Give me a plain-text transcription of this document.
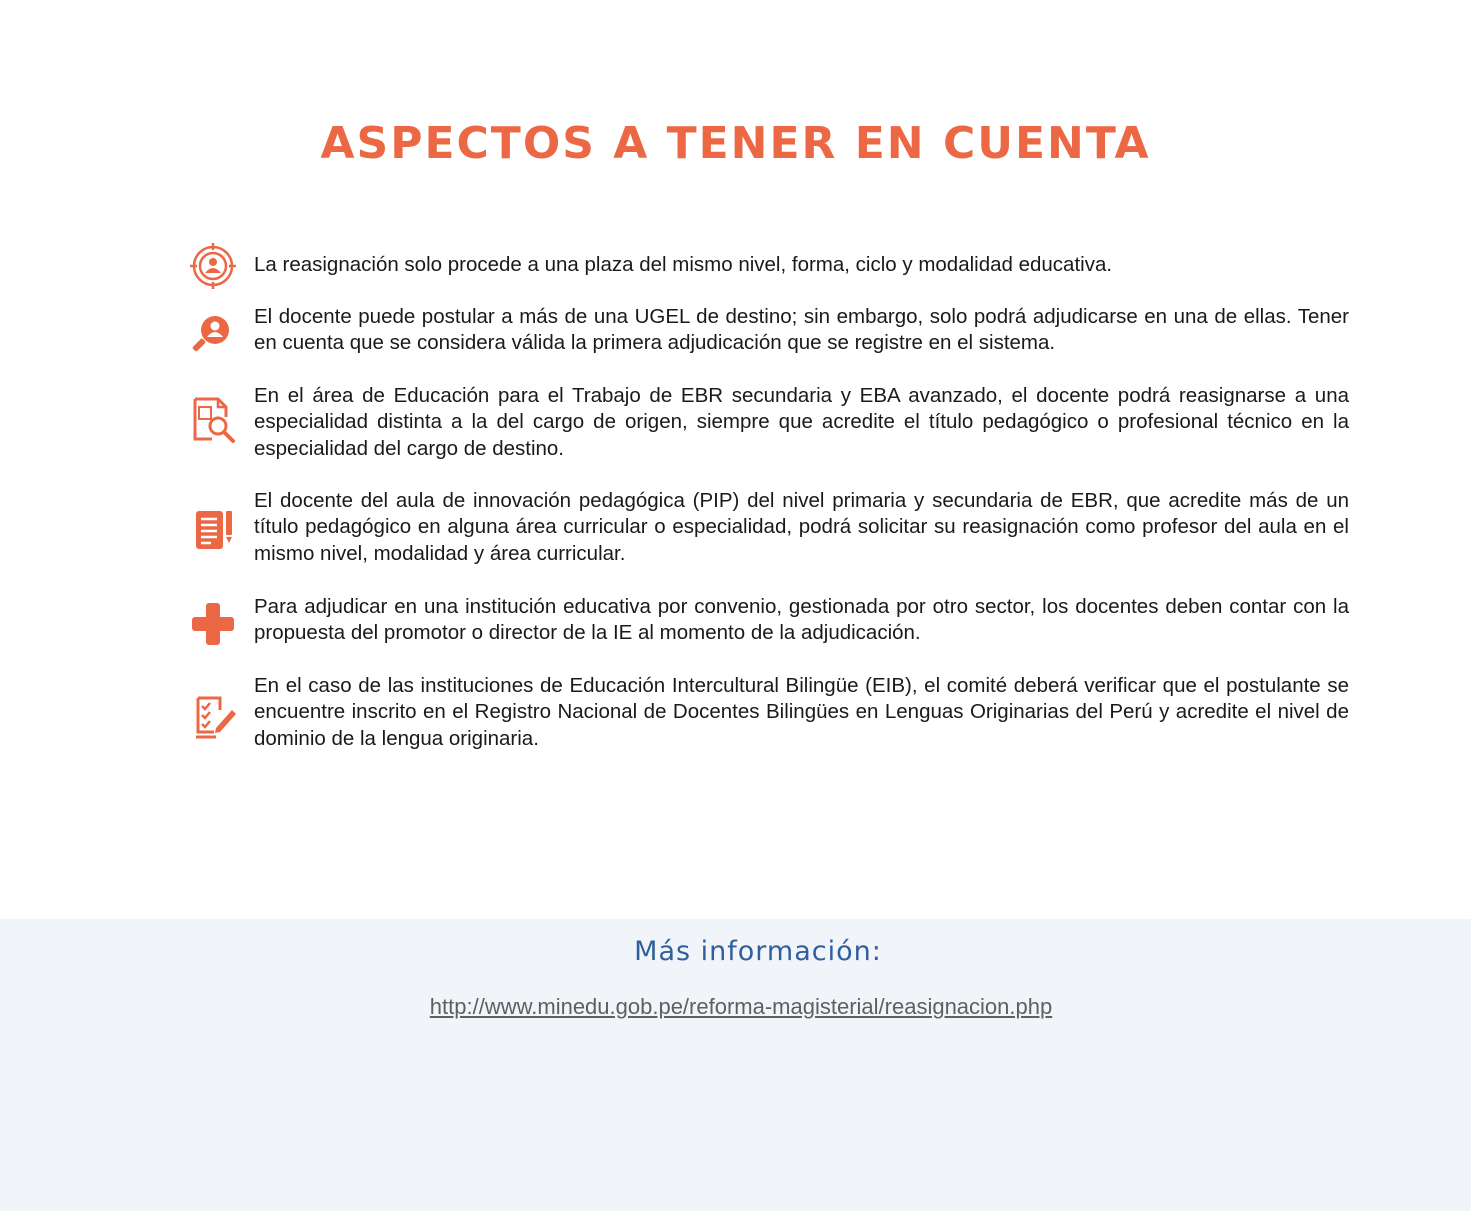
ASPECTOS A TENER EN CUENTA

La reasignación solo procede a una plaza del mismo nivel, forma, ciclo y modalidad educativa.

El docente puede postular a más de una UGEL de destino; sin embargo, solo podrá adjudicarse en una de ellas. Tener en cuenta que se considera válida la primera adjudicación que se registre en el sistema.

En el área de Educación para el Trabajo de EBR secundaria y EBA avanzado, el docente podrá reasignarse a una especialidad distinta a la del cargo de origen, siempre que acredite el título pedagógico o profesional técnico en la especialidad del cargo de destino.

El docente del aula de innovación pedagógica (PIP) del nivel primaria y secundaria de EBR, que acredite más de un título pedagógico en alguna área curricular o especialidad, podrá solicitar su reasignación como profesor del aula en el mismo nivel, modalidad y área curricular.

Para adjudicar en una institución educativa por convenio, gestionada por otro sector, los docentes deben contar con la propuesta del promotor o director de la IE al momento de la adjudicación.

En el caso de las instituciones de Educación Intercultural Bilingüe (EIB), el comité deberá verificar que el postulante se encuentre inscrito en el Registro Nacional de Docentes Bilingües en Lenguas Originarias del Perú y acredite el nivel de dominio de la lengua originaria.

Más información:
http://www.minedu.gob.pe/reforma-magisterial/reasignacion.php
